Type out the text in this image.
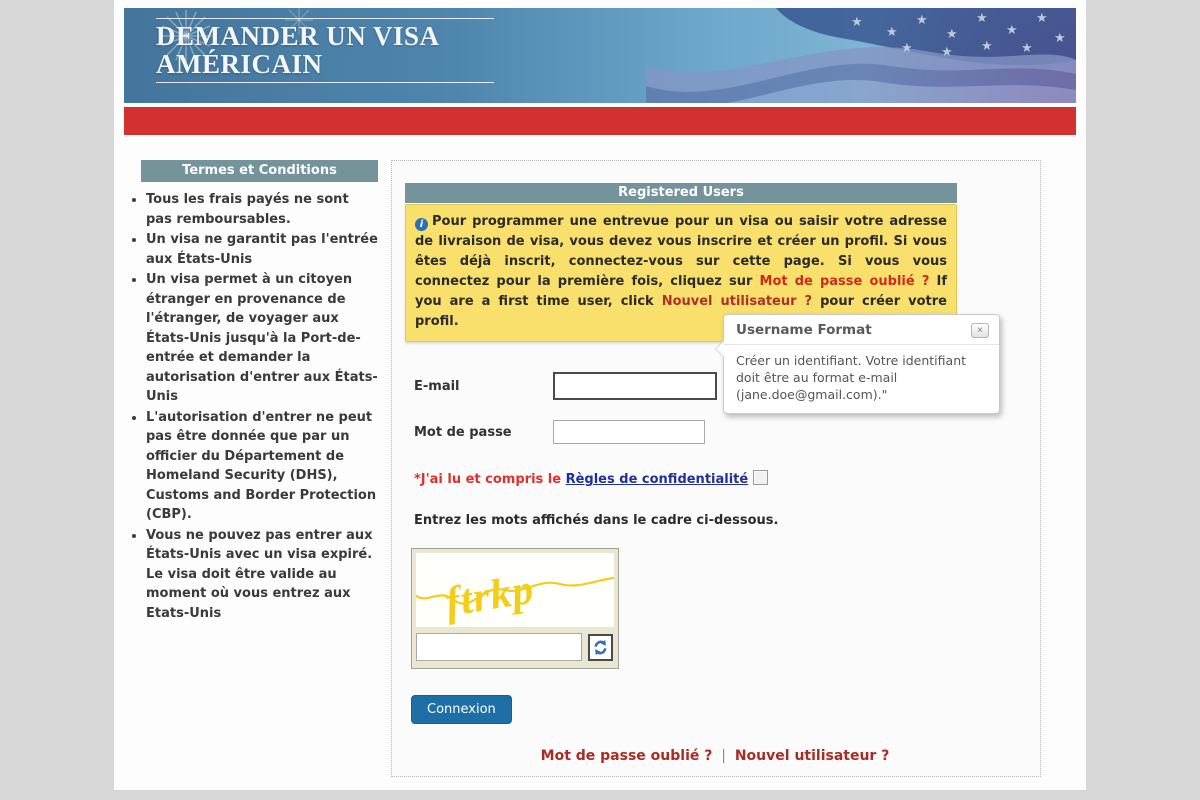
★
★
★
★
★
★
★
★ ★ ★ ★
★
DEMANDER UN VISA
AMÉRICAIN
Termes et Conditions
• Tous les frais payés ne sont pas remboursables.
• Un visa ne garantit pas l'entrée aux États-Unis
• Un visa permet à un citoyen étranger en provenance de l'étranger, de voyager aux États-Unis jusqu'à la Port-de-entrée et demander la autorisation d'entrer aux États-Unis
• L'autorisation d'entrer ne peut pas être donnée que par un officier du Département de Homeland Security (DHS), Customs and Border Protection (CBP).
• Vous ne pouvez pas entrer aux États-Unis avec un visa expiré. Le visa doit être valide au moment où vous entrez aux Etats-Unis
Registered Users
i Pour programmer une entrevue pour un visa ou saisir votre adresse de livraison de visa, vous devez vous inscrire et créer un profil. Si vous êtes déjà inscrit, connectez-vous sur cette page. Si vous vous connectez pour la première fois, cliquez sur Mot de passe oublié ? If you are a first time user, click Nouvel utilisateur ? pour créer votre profil.
E-mail
Mot de passe
*J'ai lu et compris le Règles de confidentialité
Entrez les mots affichés dans le cadre ci-dessous.
ftrkp
Connexion
Mot de passe oublié ? | Nouvel utilisateur ?
Username Format	×
Créer un identifiant. Votre identifiant doit être au format e-mail (jane.doe@gmail.com)."
